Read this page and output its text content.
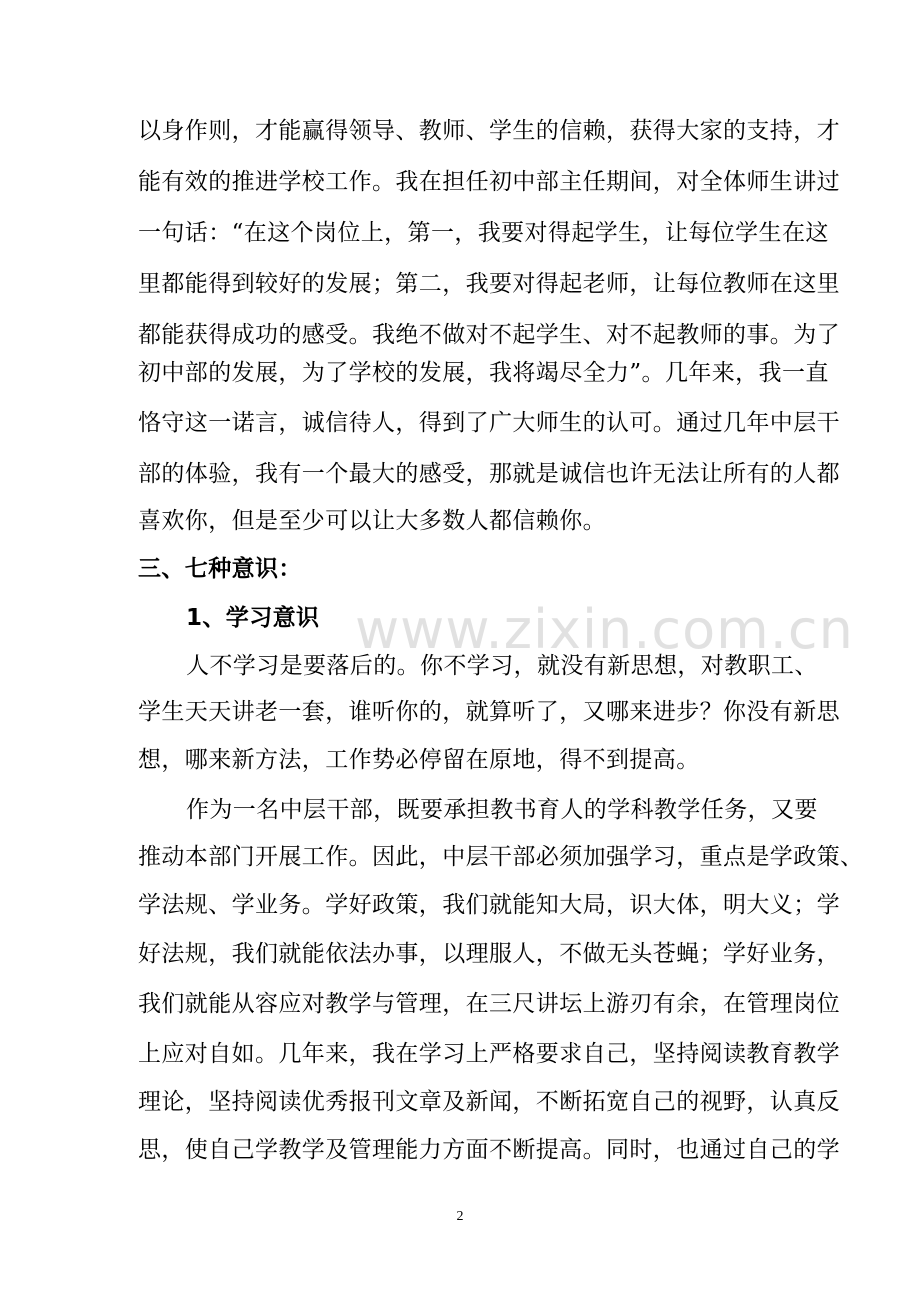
以身作则，才能赢得领导、教师、学生的信赖，获得大家的支持，才
能有效的推进学校工作。我在担任初中部主任期间，对全体师生讲过
一句话：“在这个岗位上，第一，我要对得起学生，让每位学生在这
里都能得到较好的发展；第二，我要对得起老师，让每位教师在这里
都能获得成功的感受。我绝不做对不起学生、对不起教师的事。为了
初中部的发展，为了学校的发展，我将竭尽全力”。几年来，我一直
恪守这一诺言，诚信待人，得到了广大师生的认可。通过几年中层干
部的体验，我有一个最大的感受，那就是诚信也许无法让所有的人都
喜欢你，但是至少可以让大多数人都信赖你。
三、七种意识：
1、学习意识
人不学习是要落后的。你不学习，就没有新思想，对教职工、
学生天天讲老一套，谁听你的，就算听了，又哪来进步？你没有新思
想，哪来新方法，工作势必停留在原地，得不到提高。
作为一名中层干部，既要承担教书育人的学科教学任务，又要
推动本部门开展工作。因此，中层干部必须加强学习，重点是学政策、
学法规、学业务。学好政策，我们就能知大局，识大体，明大义；学
好法规，我们就能依法办事，以理服人，不做无头苍蝇；学好业务，
我们就能从容应对教学与管理，在三尺讲坛上游刃有余，在管理岗位
上应对自如。几年来，我在学习上严格要求自己，坚持阅读教育教学
理论，坚持阅读优秀报刊文章及新闻，不断拓宽自己的视野，认真反
思，使自己学教学及管理能力方面不断提高。同时，也通过自己的学
www.zixin.com.cn
2
